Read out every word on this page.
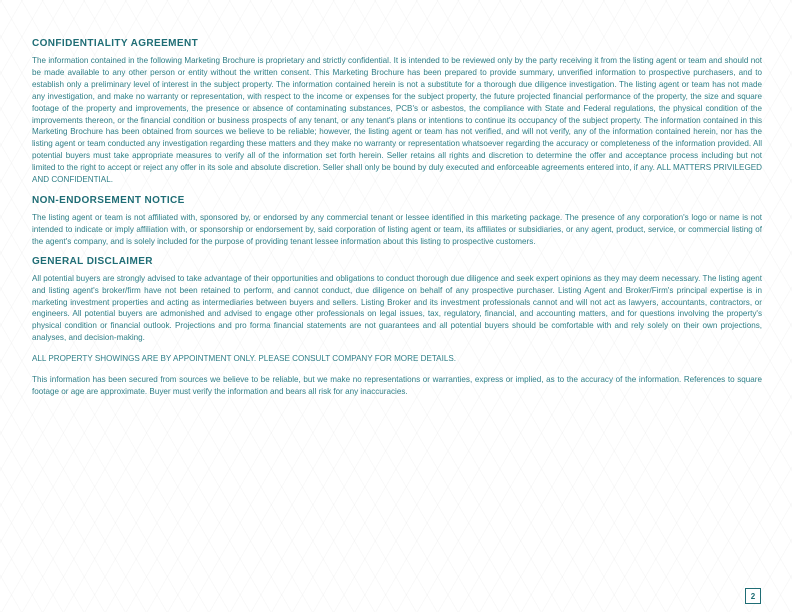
CONFIDENTIALITY AGREEMENT

The information contained in the following Marketing Brochure is proprietary and strictly confidential. It is intended to be reviewed only by the party receiving it from the listing agent or team and should not be made available to any other person or entity without the written consent. This Marketing Brochure has been prepared to provide summary, unverified information to prospective purchasers, and to establish only a preliminary level of interest in the subject property. The information contained herein is not a substitute for a thorough due diligence investigation. The listing agent or team has not made any investigation, and make no warranty or representation, with respect to the income or expenses for the subject property, the future projected financial performance of the property, the size and square footage of the property and improvements, the presence or absence of contaminating substances, PCB's or asbestos, the compliance with State and Federal regulations, the physical condition of the improvements thereon, or the financial condition or business prospects of any tenant, or any tenant's plans or intentions to continue its occupancy of the subject property. The information contained in this Marketing Brochure has been obtained from sources we believe to be reliable; however, the listing agent or team has not verified, and will not verify, any of the information contained herein, nor has the listing agent or team conducted any investigation regarding these matters and they make no warranty or representation whatsoever regarding the accuracy or completeness of the information provided. All potential buyers must take appropriate measures to verify all of the information set forth herein. Seller retains all rights and discretion to determine the offer and acceptance process including but not limited to the right to accept or reject any offer in its sole and absolute discretion. Seller shall only be bound by duly executed and enforceable agreements entered into, if any. ALL MATTERS PRIVILEGED AND CONFIDENTIAL.

NON-ENDORSEMENT NOTICE

The listing agent or team is not affiliated with, sponsored by, or endorsed by any commercial tenant or lessee identified in this marketing package. The presence of any corporation's logo or name is not intended to indicate or imply affiliation with, or sponsorship or endorsement by, said corporation of listing agent or team, its affiliates or subsidiaries, or any agent, product, service, or commercial listing of the agent's company, and is solely included for the purpose of providing tenant lessee information about this listing to prospective customers.

GENERAL DISCLAIMER

All potential buyers are strongly advised to take advantage of their opportunities and obligations to conduct thorough due diligence and seek expert opinions as they may deem necessary. The listing agent and listing agent's broker/firm have not been retained to perform, and cannot conduct, due diligence on behalf of any prospective purchaser. Listing Agent and Broker/Firm's principal expertise is in marketing investment properties and acting as intermediaries between buyers and sellers. Listing Broker and its investment professionals cannot and will not act as lawyers, accountants, contractors, or engineers. All potential buyers are admonished and advised to engage other professionals on legal issues, tax, regulatory, financial, and accounting matters, and for questions involving the property's physical condition or financial outlook. Projections and pro forma financial statements are not guarantees and all potential buyers should be comfortable with and rely solely on their own projections, analyses, and decision-making.

ALL PROPERTY SHOWINGS ARE BY APPOINTMENT ONLY. PLEASE CONSULT COMPANY FOR MORE DETAILS.

This information has been secured from sources we believe to be reliable, but we make no representations or warranties, express or implied, as to the accuracy of the information. References to square footage or age are approximate. Buyer must verify the information and bears all risk for any inaccuracies.

2
